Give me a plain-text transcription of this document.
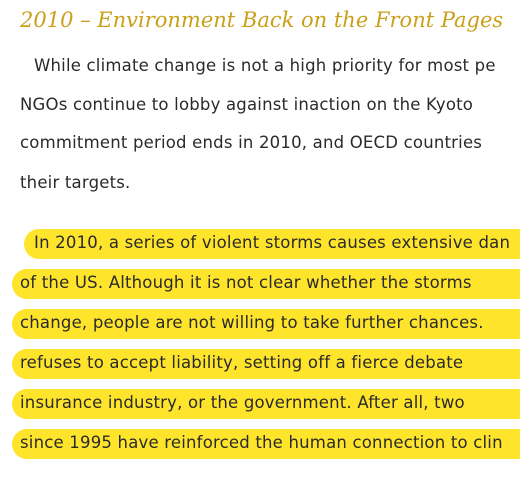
2010 – Environment Back on the Front Pages
While climate change is not a high priority for most pe
NGOs continue to lobby against inaction on the Kyoto
commitment period ends in 2010, and OECD countries
their targets.
In 2010, a series of violent storms causes extensive dan
of the US. Although it is not clear whether the storms
change, people are not willing to take further chances.
refuses to accept liability, setting off a fierce debate
insurance industry, or the government. After all, two
since 1995 have reinforced the human connection to clin
